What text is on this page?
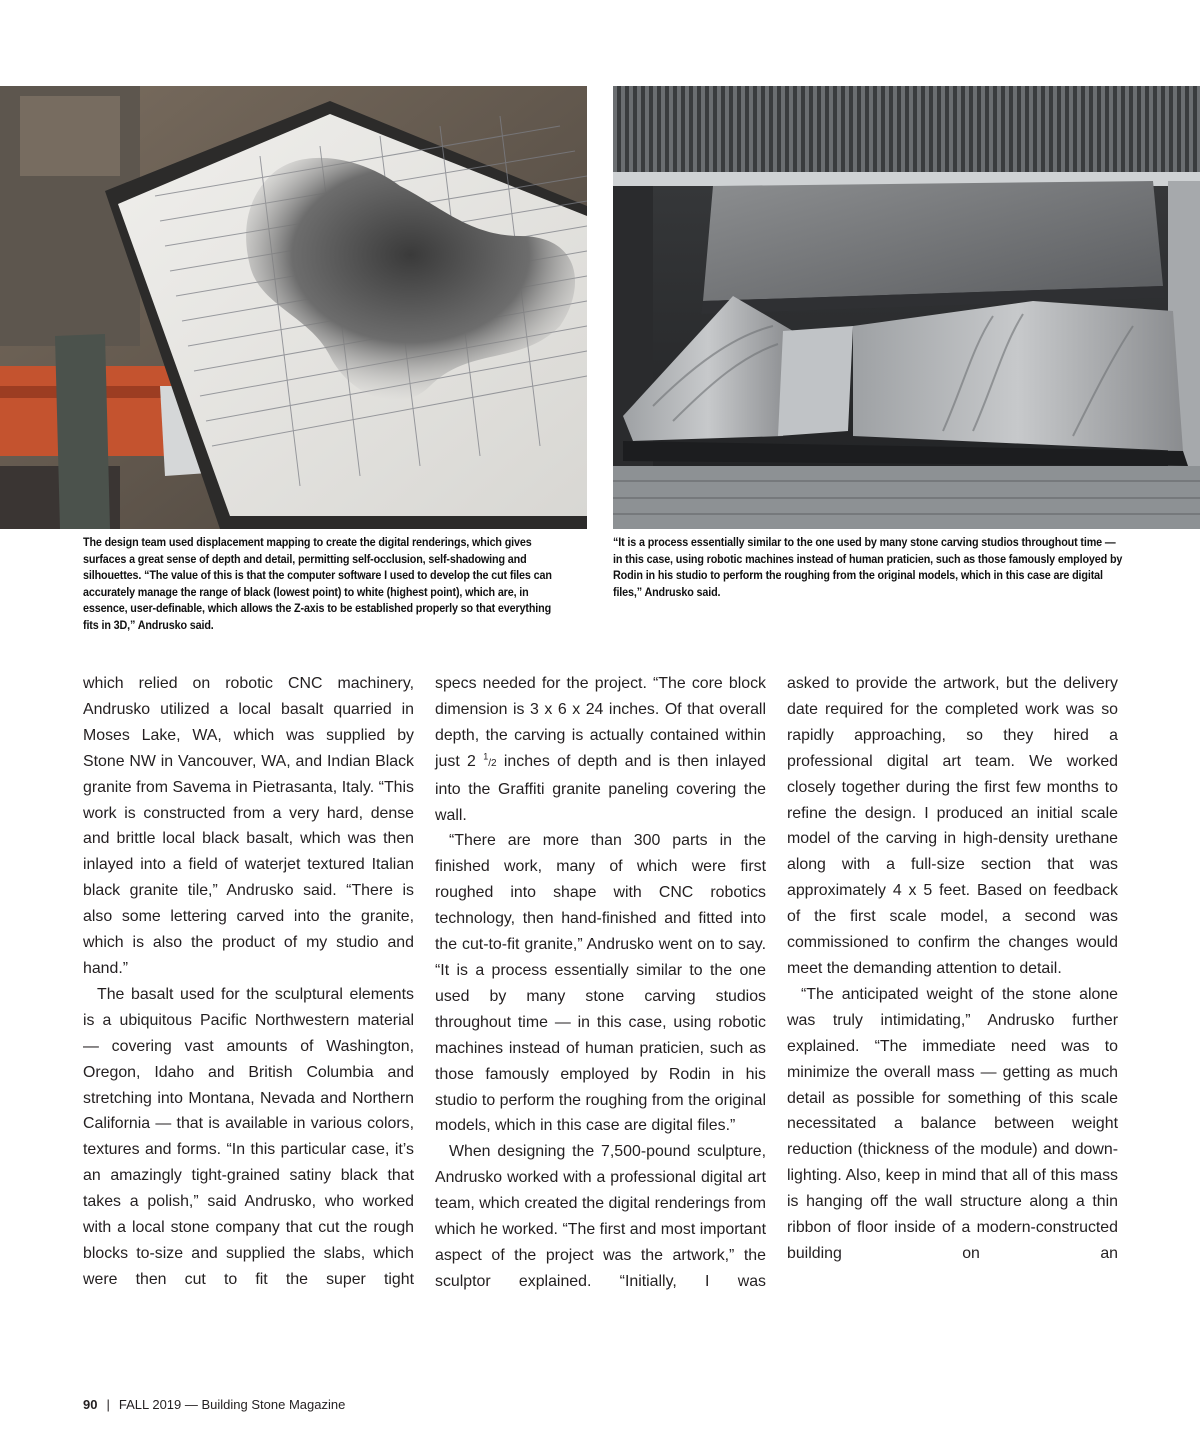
The design team used displacement mapping to create the digital renderings, which gives surfaces a great sense of depth and detail, permitting self-occlusion, self-shadowing and silhouettes. “The value of this is that the computer software I used to develop the cut files can accurately manage the range of black (lowest point) to white (highest point), which are, in essence, user-definable, which allows the Z-axis to be established properly so that everything fits in 3D,” Andrusko said.
“It is a process essentially similar to the one used by many stone carving studios throughout time — in this case, using robotic machines instead of human praticien, such as those famously employed by Rodin in his studio to perform the roughing from the original models, which in this case are digital files,” Andrusko said.

which relied on robotic CNC machinery, Andrusko utilized a local basalt quarried in Moses Lake, WA, which was supplied by Stone NW in Vancouver, WA, and Indian Black granite from Savema in Pietrasanta, Italy. “This work is constructed from a very hard, dense and brittle local black basalt, which was then inlayed into a field of waterjet textured Italian black granite tile,” Andrusko said. “There is also some lettering carved into the granite, which is also the product of my studio and hand.”

The basalt used for the sculptural elements is a ubiquitous Pacific Northwestern material — covering vast amounts of Washington, Oregon, Idaho and British Columbia and stretching into Montana, Nevada and Northern California — that is available in various colors, textures and forms. “In this particular case, it’s an amazingly tight-grained satiny black that takes a polish,” said Andrusko, who worked with a local stone company that cut the rough blocks to-size and supplied the slabs, which were then cut to fit the super tight

specs needed for the project. “The core block dimension is 3 x 6 x 24 inches. Of that overall depth, the carving is actually contained within just 2 $^1$/2 inches of depth and is then inlayed into the Graffiti granite paneling covering the wall.

“There are more than 300 parts in the finished work, many of which were first roughed into shape with CNC robotics technology, then hand-finished and fitted into the cut-to-fit granite,” Andrusko went on to say. “It is a process essentially similar to the one used by many stone carving studios throughout time — in this case, using robotic machines instead of human praticien, such as those famously employed by Rodin in his studio to perform the roughing from the original models, which in this case are digital files.”

When designing the 7,500-pound sculpture, Andrusko worked with a professional digital art team, which created the digital renderings from which he worked. “The first and most important aspect of the project was the artwork,” the sculptor explained. “Initially, I was

asked to provide the artwork, but the delivery date required for the completed work was so rapidly approaching, so they hired a professional digital art team. We worked closely together during the first few months to refine the design. I produced an initial scale model of the carving in high-density urethane along with a full-size section that was approximately 4 x 5 feet. Based on feedback of the first scale model, a second was commissioned to confirm the changes would meet the demanding attention to detail.

“The anticipated weight of the stone alone was truly intimidating,” Andrusko further explained. “The immediate need was to minimize the overall mass — getting as much detail as possible for something of this scale necessitated a balance between weight reduction (thickness of the module) and down-lighting. Also, keep in mind that all of this mass is hanging off the wall structure along a thin ribbon of floor inside of a modern-constructed building on an

90 | FALL 2019 — Building Stone Magazine
